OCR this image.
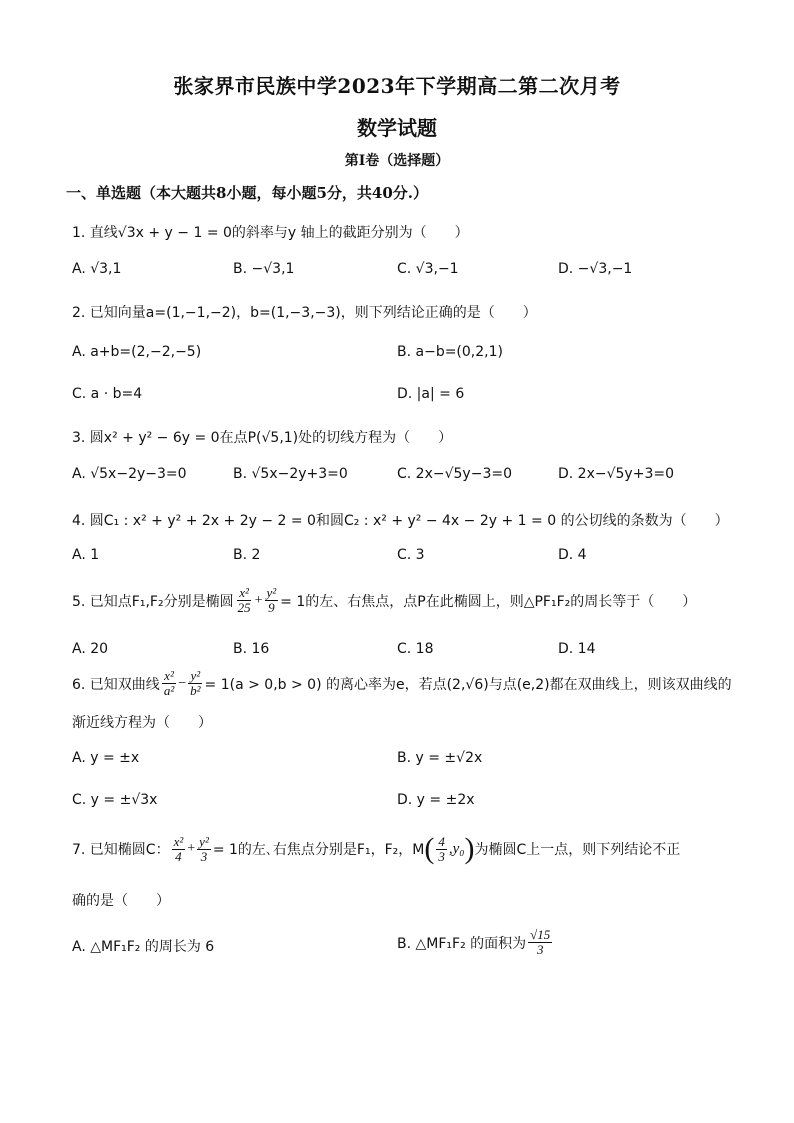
张家界市民族中学2023年下学期高二第二次月考
数学试题
第I卷（选择题）
一、单选题（本大题共8小题，每小题5分，共40分.）
1. 直线√3x + y − 1 = 0的斜率与y 轴上的截距分别为（　　）
A. √3,1	B. −√3,1	C. √3,−1	D. −√3,−1
2. 已知向量a=(1,−1,−2)，b=(1,−3,−3)，则下列结论正确的是（　　）
A. a+b=(2,−2,−5)	B. a−b=(0,2,1)
C. a · b=4	D. |a| = 6
3. 圆x² + y² − 6y = 0在点P(√5,1)处的切线方程为（　　）
A. √5x−2y−3=0	B. √5x−2y+3=0	C. 2x−√5y−3=0	D. 2x−√5y+3=0
4. 圆C₁ : x² + y² + 2x + 2y − 2 = 0和圆C₂ : x² + y² − 4x − 2y + 1 = 0 的公切线的条数为（　　）
A. 1	B. 2	C. 3	D. 4
5. 已知点F₁,F₂分别是椭圆 $\frac{\text{x²}}{25} + \frac{\text{y²}}{9} = 1$的左、右焦点，点P在此椭圆上，则△PF₁F₂的周长等于（　　）
A. 20	B. 16	C. 18	D. 14
6. 已知双曲线 $\frac{\text{x²}}{\text{a²}} - \frac{\text{y²}}{\text{b²}} = 1(a > 0,b > 0)$ 的离心率为e，若点(2,√6)与点(e,2)都在双曲线上，则该双曲线的
渐近线方程为（　　）
A. y = ±x	B. y = ±√2x
C. y = ±√3x	D. y = ±2x
7. 已知椭圆C： $\frac{\text{x²}}{4} + \frac{\text{y²}}{3} = 1$的左､右焦点分别是F₁，F₂，M ( $\frac{4}{3} ,y_0$ ) 为椭圆C上一点，则下列结论不正
确的是（　　）
A. △MF₁F₂ 的周长为 6	B. △MF₁F₂ 的面积为 $\frac{√15}{3}$
